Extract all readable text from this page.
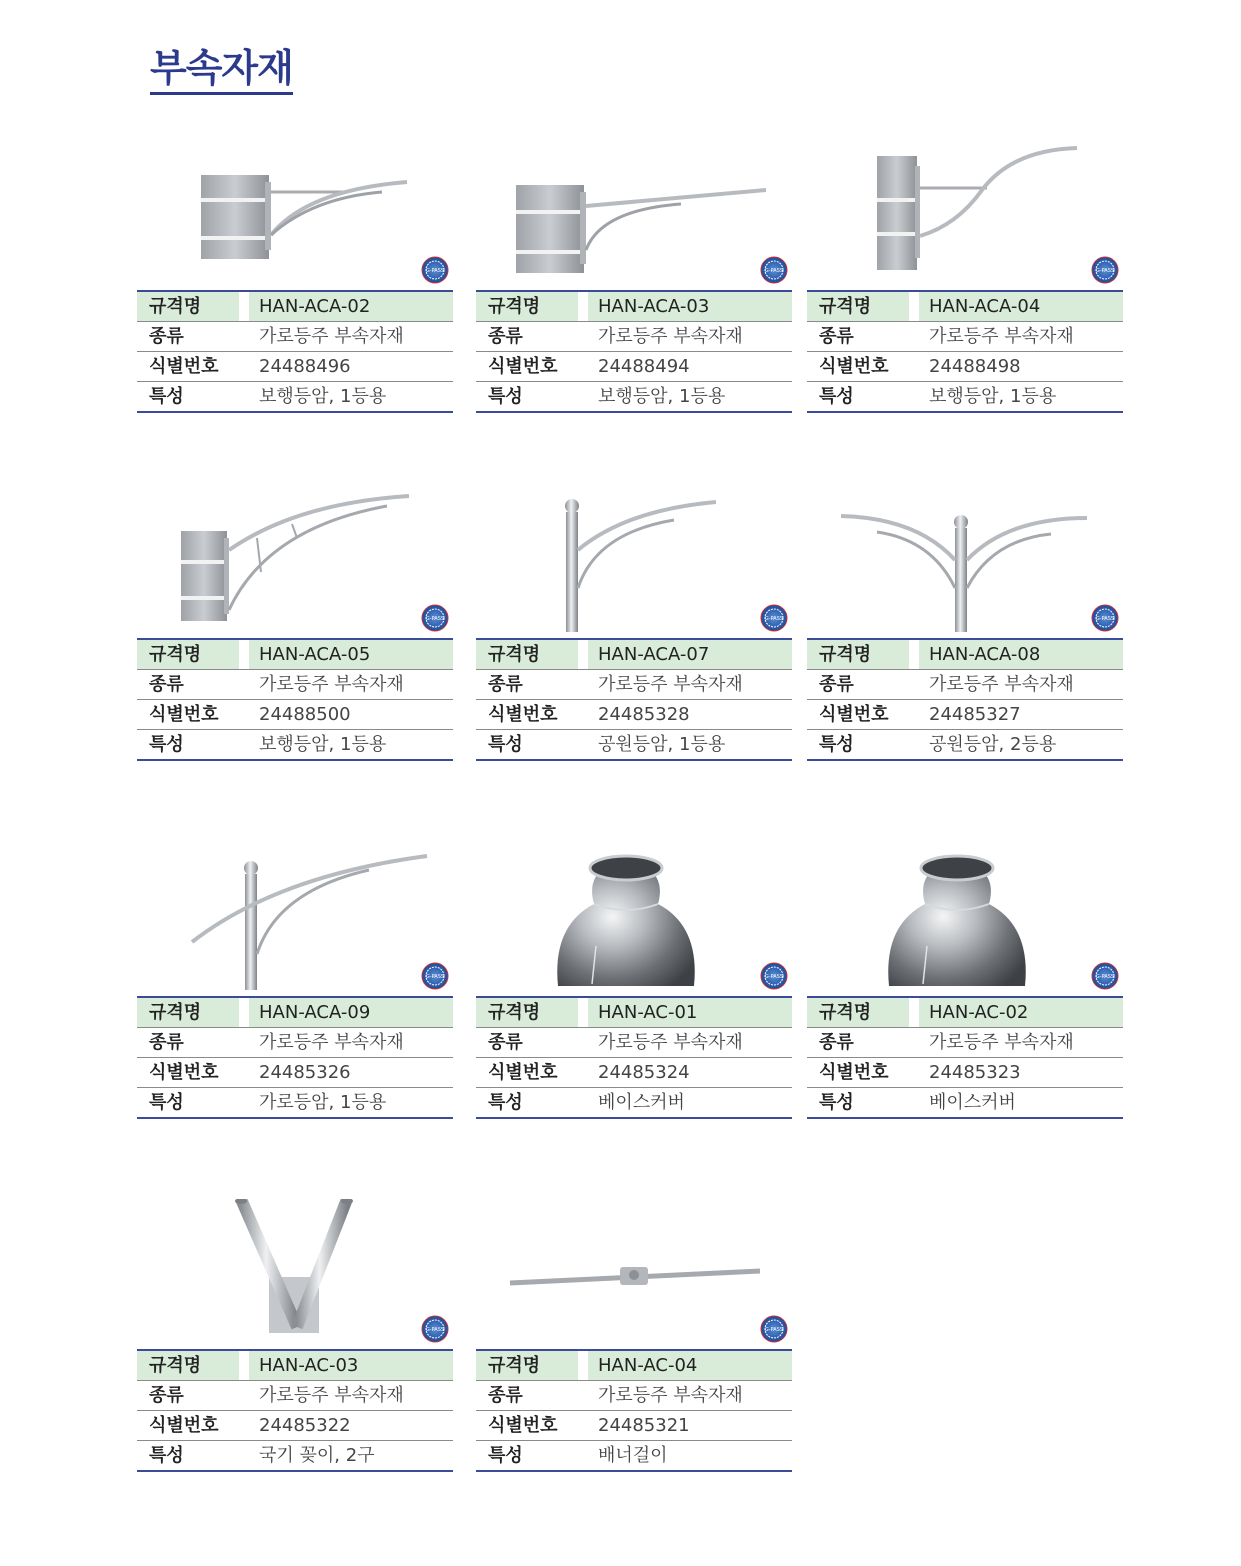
부속자재
G-PASS
규격명		HAN-ACA-02
종류		가로등주 부속자재
식별번호		24488496
특성		보행등암, 1등용
G-PASS
규격명		HAN-ACA-03
종류		가로등주 부속자재
식별번호		24488494
특성		보행등암, 1등용
G-PASS
규격명		HAN-ACA-04
종류		가로등주 부속자재
식별번호		24488498
특성		보행등암, 1등용
G-PASS
규격명		HAN-ACA-05
종류		가로등주 부속자재
식별번호		24488500
특성		보행등암, 1등용
G-PASS
규격명		HAN-ACA-07
종류		가로등주 부속자재
식별번호		24485328
특성		공원등암, 1등용
G-PASS
규격명		HAN-ACA-08
종류		가로등주 부속자재
식별번호		24485327
특성		공원등암, 2등용
G-PASS
규격명		HAN-ACA-09
종류		가로등주 부속자재
식별번호		24485326
특성		가로등암, 1등용
G-PASS
규격명		HAN-AC-01
종류		가로등주 부속자재
식별번호		24485324
특성		베이스커버
G-PASS
규격명		HAN-AC-02
종류		가로등주 부속자재
식별번호		24485323
특성		베이스커버
G-PASS
규격명		HAN-AC-03
종류		가로등주 부속자재
식별번호		24485322
특성		국기 꽂이, 2구
G-PASS
규격명		HAN-AC-04
종류		가로등주 부속자재
식별번호		24485321
특성		배너걸이
